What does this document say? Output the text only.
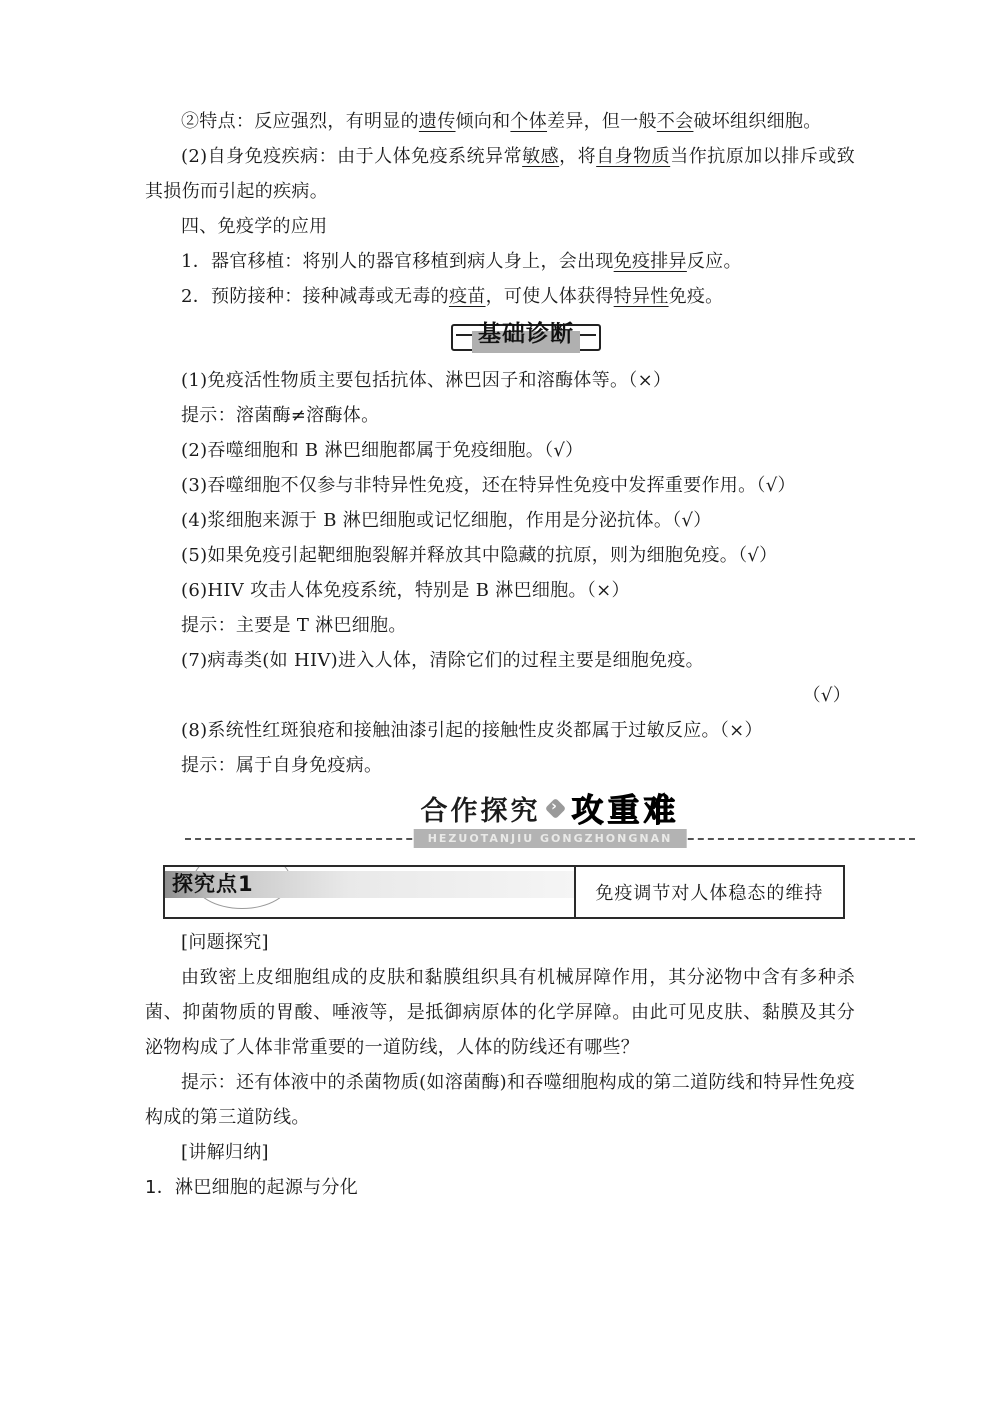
②特点：反应强烈，有明显的遗传倾向和个体差异，但一般不会破坏组织细胞。

(2)自身免疫疾病：由于人体免疫系统异常敏感，将自身物质当作抗原加以排斥或致其损伤而引起的疾病。

四、免疫学的应用

1．器官移植：将别人的器官移植到病人身上，会出现免疫排异反应。

2．预防接种：接种减毒或无毒的疫苗，可使人体获得特异性免疫。

基础诊断

(1)免疫活性物质主要包括抗体、淋巴因子和溶酶体等。（×）

提示：溶菌酶≠溶酶体。

(2)吞噬细胞和 B 淋巴细胞都属于免疫细胞。（√）

(3)吞噬细胞不仅参与非特异性免疫，还在特异性免疫中发挥重要作用。（√）

(4)浆细胞来源于 B 淋巴细胞或记忆细胞，作用是分泌抗体。（√）

(5)如果免疫引起靶细胞裂解并释放其中隐藏的抗原，则为细胞免疫。（√）

(6)HIV 攻击人体免疫系统，特别是 B 淋巴细胞。（×）

提示：主要是 T 淋巴细胞。

(7)病毒类(如 HIV)进入人体，清除它们的过程主要是细胞免疫。

（√）

(8)系统性红斑狼疮和接触油漆引起的接触性皮炎都属于过敏反应。（×）

提示：属于自身免疫病。

合作探究 › 攻重难
HEZUOTANJIU GONGZHONGNAN
探究点1	免疫调节对人体稳态的维持

[问题探究]

由致密上皮细胞组成的皮肤和黏膜组织具有机械屏障作用，其分泌物中含有多种杀菌、抑菌物质的胃酸、唾液等，是抵御病原体的化学屏障。由此可见皮肤、黏膜及其分泌物构成了人体非常重要的一道防线，人体的防线还有哪些？

提示：还有体液中的杀菌物质(如溶菌酶)和吞噬细胞构成的第二道防线和特异性免疫构成的第三道防线。

[讲解归纳]

1．淋巴细胞的起源与分化
